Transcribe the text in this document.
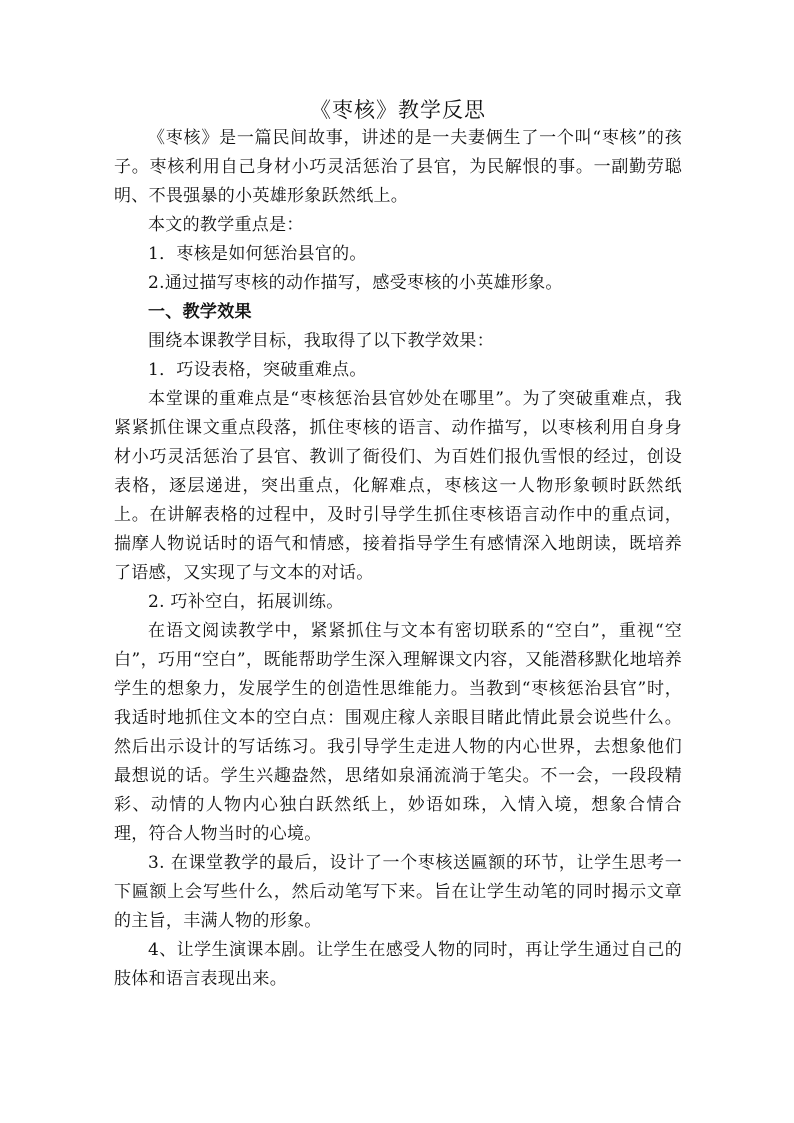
《枣核》教学反思

《枣核》是一篇民间故事，讲述的是一夫妻俩生了一个叫“枣核”的孩子。枣核利用自己身材小巧灵活惩治了县官，为民解恨的事。一副勤劳聪明、不畏强暴的小英雄形象跃然纸上。

本文的教学重点是：

1．枣核是如何惩治县官的。

2.通过描写枣核的动作描写，感受枣核的小英雄形象。

一、教学效果

围绕本课教学目标，我取得了以下教学效果：

1．巧设表格，突破重难点。

本堂课的重难点是“枣核惩治县官妙处在哪里”。为了突破重难点，我紧紧抓住课文重点段落，抓住枣核的语言、动作描写，以枣核利用自身身材小巧灵活惩治了县官、教训了衙役们、为百姓们报仇雪恨的经过，创设表格，逐层递进，突出重点，化解难点，枣核这一人物形象顿时跃然纸上。在讲解表格的过程中，及时引导学生抓住枣核语言动作中的重点词，揣摩人物说话时的语气和情感，接着指导学生有感情深入地朗读，既培养了语感，又实现了与文本的对话。

2. 巧补空白，拓展训练。

在语文阅读教学中，紧紧抓住与文本有密切联系的“空白”，重视“空白”，巧用“空白”，既能帮助学生深入理解课文内容，又能潜移默化地培养学生的想象力，发展学生的创造性思维能力。当教到“枣核惩治县官”时，我适时地抓住文本的空白点：围观庄稼人亲眼目睹此情此景会说些什么。然后出示设计的写话练习。我引导学生走进人物的内心世界，去想象他们最想说的话。学生兴趣盎然，思绪如泉涌流淌于笔尖。不一会，一段段精彩、动情的人物内心独白跃然纸上，妙语如珠，入情入境，想象合情合理，符合人物当时的心境。

3. 在课堂教学的最后，设计了一个枣核送匾额的环节，让学生思考一下匾额上会写些什么，然后动笔写下来。旨在让学生动笔的同时揭示文章的主旨，丰满人物的形象。

4、让学生演课本剧。让学生在感受人物的同时，再让学生通过自己的肢体和语言表现出来。
